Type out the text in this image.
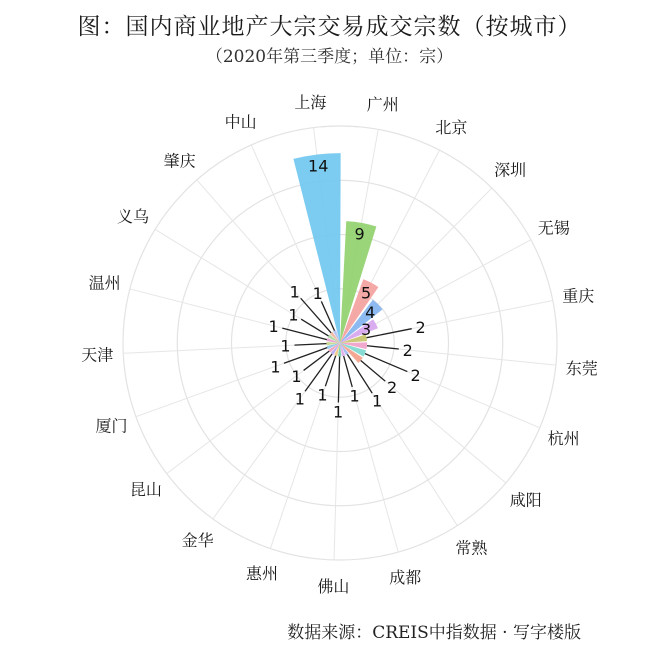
图：国内商业地产大宗交易成交宗数（按城市）
（2020年第三季度；单位：宗）
14
9
5
4
3	2
2
2
2
1
1
1
1
1
1
1
1
1
1
1 1
上海	广州
北京
深圳
无锡
重庆
东莞
杭州
咸阳
常熟
成都
佛山
惠州
金华
昆山
厦门
天津
温州
义乌
肇庆
中山
数据来源：CREIS中指数据 · 写字楼版
